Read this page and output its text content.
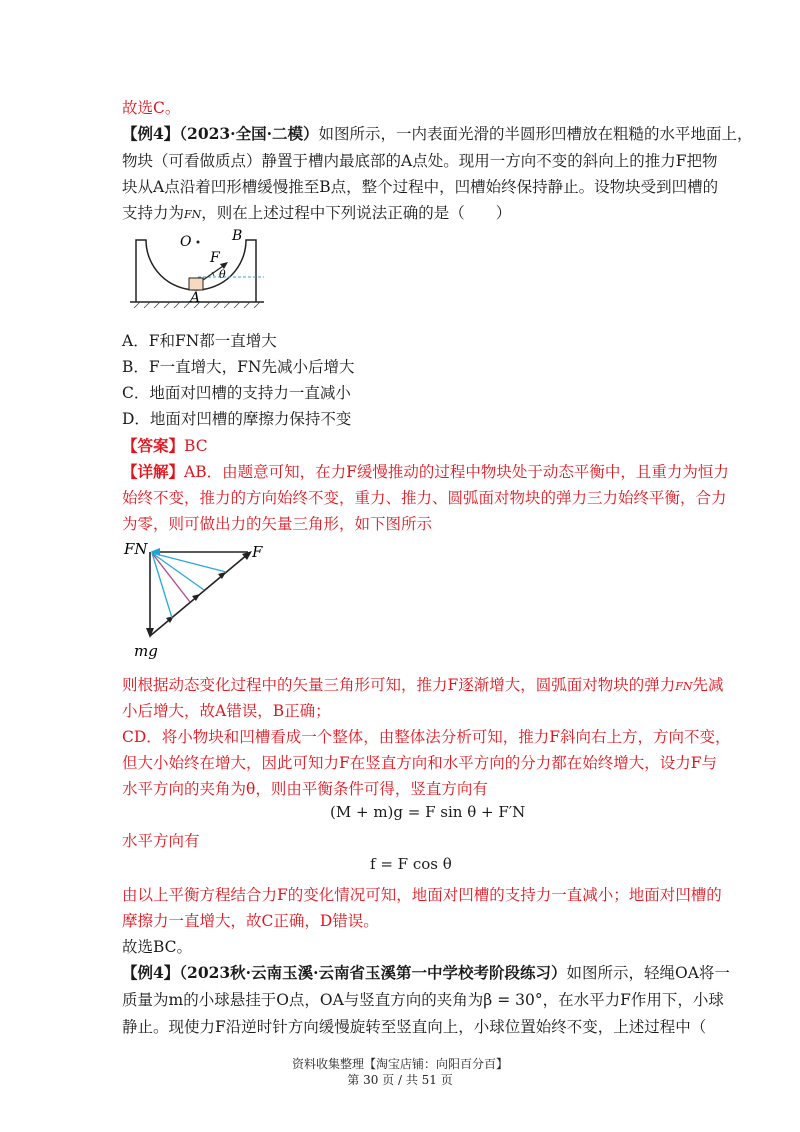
故选C。
【例4】（2023·全国·二模）如图所示，一内表面光滑的半圆形凹槽放在粗糙的水平地面上，
物块（可看做质点）静置于槽内最底部的A点处。现用一方向不变的斜向上的推力F把物
块从A点沿着凹形槽缓慢推至B点，整个过程中，凹槽始终保持静止。设物块受到凹槽的
支持力为FN，则在上述过程中下列说法正确的是（　　）
O	B
F
θ
A
A．F和FN都一直增大
B．F一直增大，FN先减小后增大
C．地面对凹槽的支持力一直减小
D．地面对凹槽的摩擦力保持不变
【答案】BC
【详解】AB．由题意可知，在力F缓慢推动的过程中物块处于动态平衡中，且重力为恒力
始终不变，推力的方向始终不变，重力、推力、圆弧面对物块的弹力三力始终平衡，合力
为零，则可做出力的矢量三角形，如下图所示
FN	F
mg
则根据动态变化过程中的矢量三角形可知，推力F逐渐增大，圆弧面对物块的弹力FN先减
小后增大，故A错误，B正确；
CD．将小物块和凹槽看成一个整体，由整体法分析可知，推力F斜向右上方，方向不变，
但大小始终在增大，因此可知力F在竖直方向和水平方向的分力都在始终增大，设力F与
水平方向的夹角为θ，则由平衡条件可得，竖直方向有
(M + m)g = F sin θ + F′N
水平方向有
f = F cos θ
由以上平衡方程结合力F的变化情况可知，地面对凹槽的支持力一直减小；地面对凹槽的
摩擦力一直增大，故C正确，D错误。
故选BC。
【例4】（2023秋·云南玉溪·云南省玉溪第一中学校考阶段练习）如图所示，轻绳OA将一
质量为m的小球悬挂于O点，OA与竖直方向的夹角为β = 30°，在水平力F作用下，小球
静止。现使力F沿逆时针方向缓慢旋转至竖直向上，小球位置始终不变，上述过程中（
资料收集整理【淘宝店铺：向阳百分百】
第 30 页 / 共 51 页
